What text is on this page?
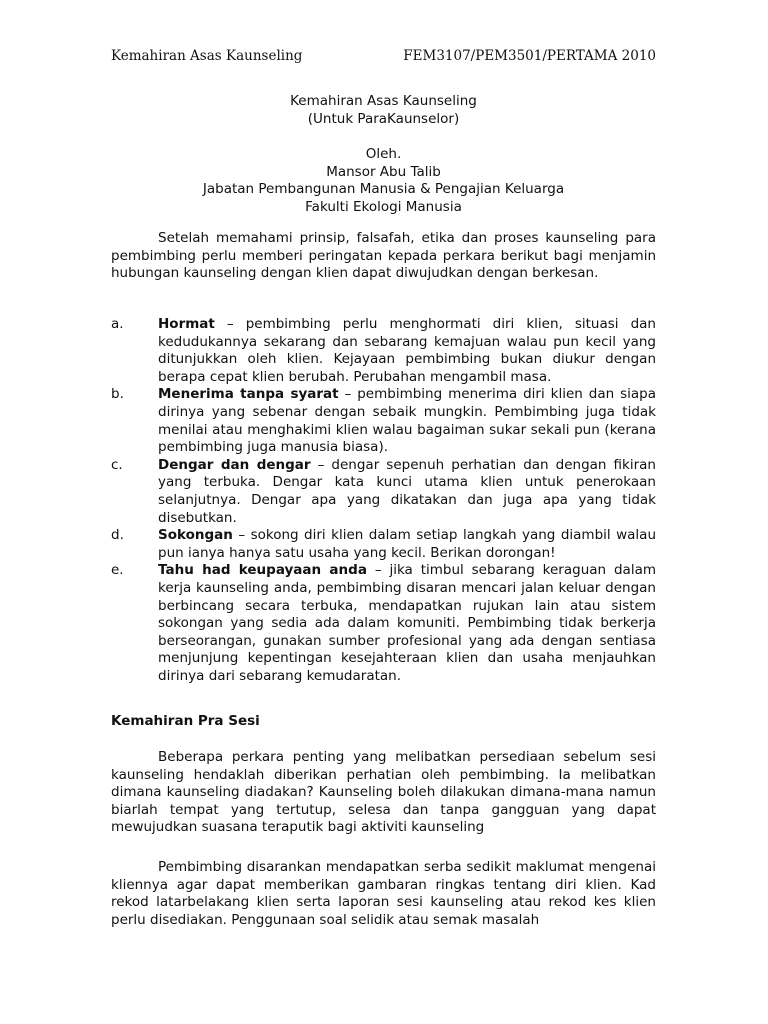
Kemahiran Asas Kaunseling	FEM3107/PEM3501/PERTAMA 2010
Kemahiran Asas Kaunseling
(Untuk ParaKaunselor)
Oleh.
Mansor Abu Talib
Jabatan Pembangunan Manusia & Pengajian Keluarga
Fakulti Ekologi Manusia

Setelah memahami prinsip, falsafah, etika dan proses kaunseling para pembimbing perlu memberi peringatan kepada perkara berikut bagi menjamin hubungan kaunseling dengan klien dapat diwujudkan dengan berkesan.

a.	Hormat – pembimbing perlu menghormati diri klien, situasi dan kedudukannya sekarang dan sebarang kemajuan walau pun kecil yang ditunjukkan oleh klien. Kejayaan pembimbing bukan diukur dengan berapa cepat klien berubah. Perubahan mengambil masa.
b.	Menerima tanpa syarat – pembimbing menerima diri klien dan siapa dirinya yang sebenar dengan sebaik mungkin. Pembimbing juga tidak menilai atau menghakimi klien walau bagaiman sukar sekali pun (kerana pembimbing juga manusia biasa).
c.	Dengar dan dengar – dengar sepenuh perhatian dan dengan fikiran yang terbuka. Dengar kata kunci utama klien untuk penerokaan selanjutnya. Dengar apa yang dikatakan dan juga apa yang tidak disebutkan.
d.	Sokongan – sokong diri klien dalam setiap langkah yang diambil walau pun ianya hanya satu usaha yang kecil. Berikan dorongan!
e.	Tahu had keupayaan anda – jika timbul sebarang keraguan dalam kerja kaunseling anda, pembimbing disaran mencari jalan keluar dengan berbincang secara terbuka, mendapatkan rujukan lain atau sistem sokongan yang sedia ada dalam komuniti. Pembimbing tidak berkerja berseorangan, gunakan sumber profesional yang ada dengan sentiasa menjunjung kepentingan kesejahteraan klien dan usaha menjauhkan dirinya dari sebarang kemudaratan.
Kemahiran Pra Sesi

Beberapa perkara penting yang melibatkan persediaan sebelum sesi kaunseling hendaklah diberikan perhatian oleh pembimbing. Ia melibatkan dimana kaunseling diadakan? Kaunseling boleh dilakukan dimana-mana namun biarlah tempat yang tertutup, selesa dan tanpa gangguan yang dapat mewujudkan suasana teraputik bagi aktiviti kaunseling

Pembimbing disarankan mendapatkan serba sedikit maklumat mengenai kliennya agar dapat memberikan gambaran ringkas tentang diri klien. Kad rekod latarbelakang klien serta laporan sesi kaunseling atau rekod kes klien perlu disediakan. Penggunaan soal selidik atau semak masalah
